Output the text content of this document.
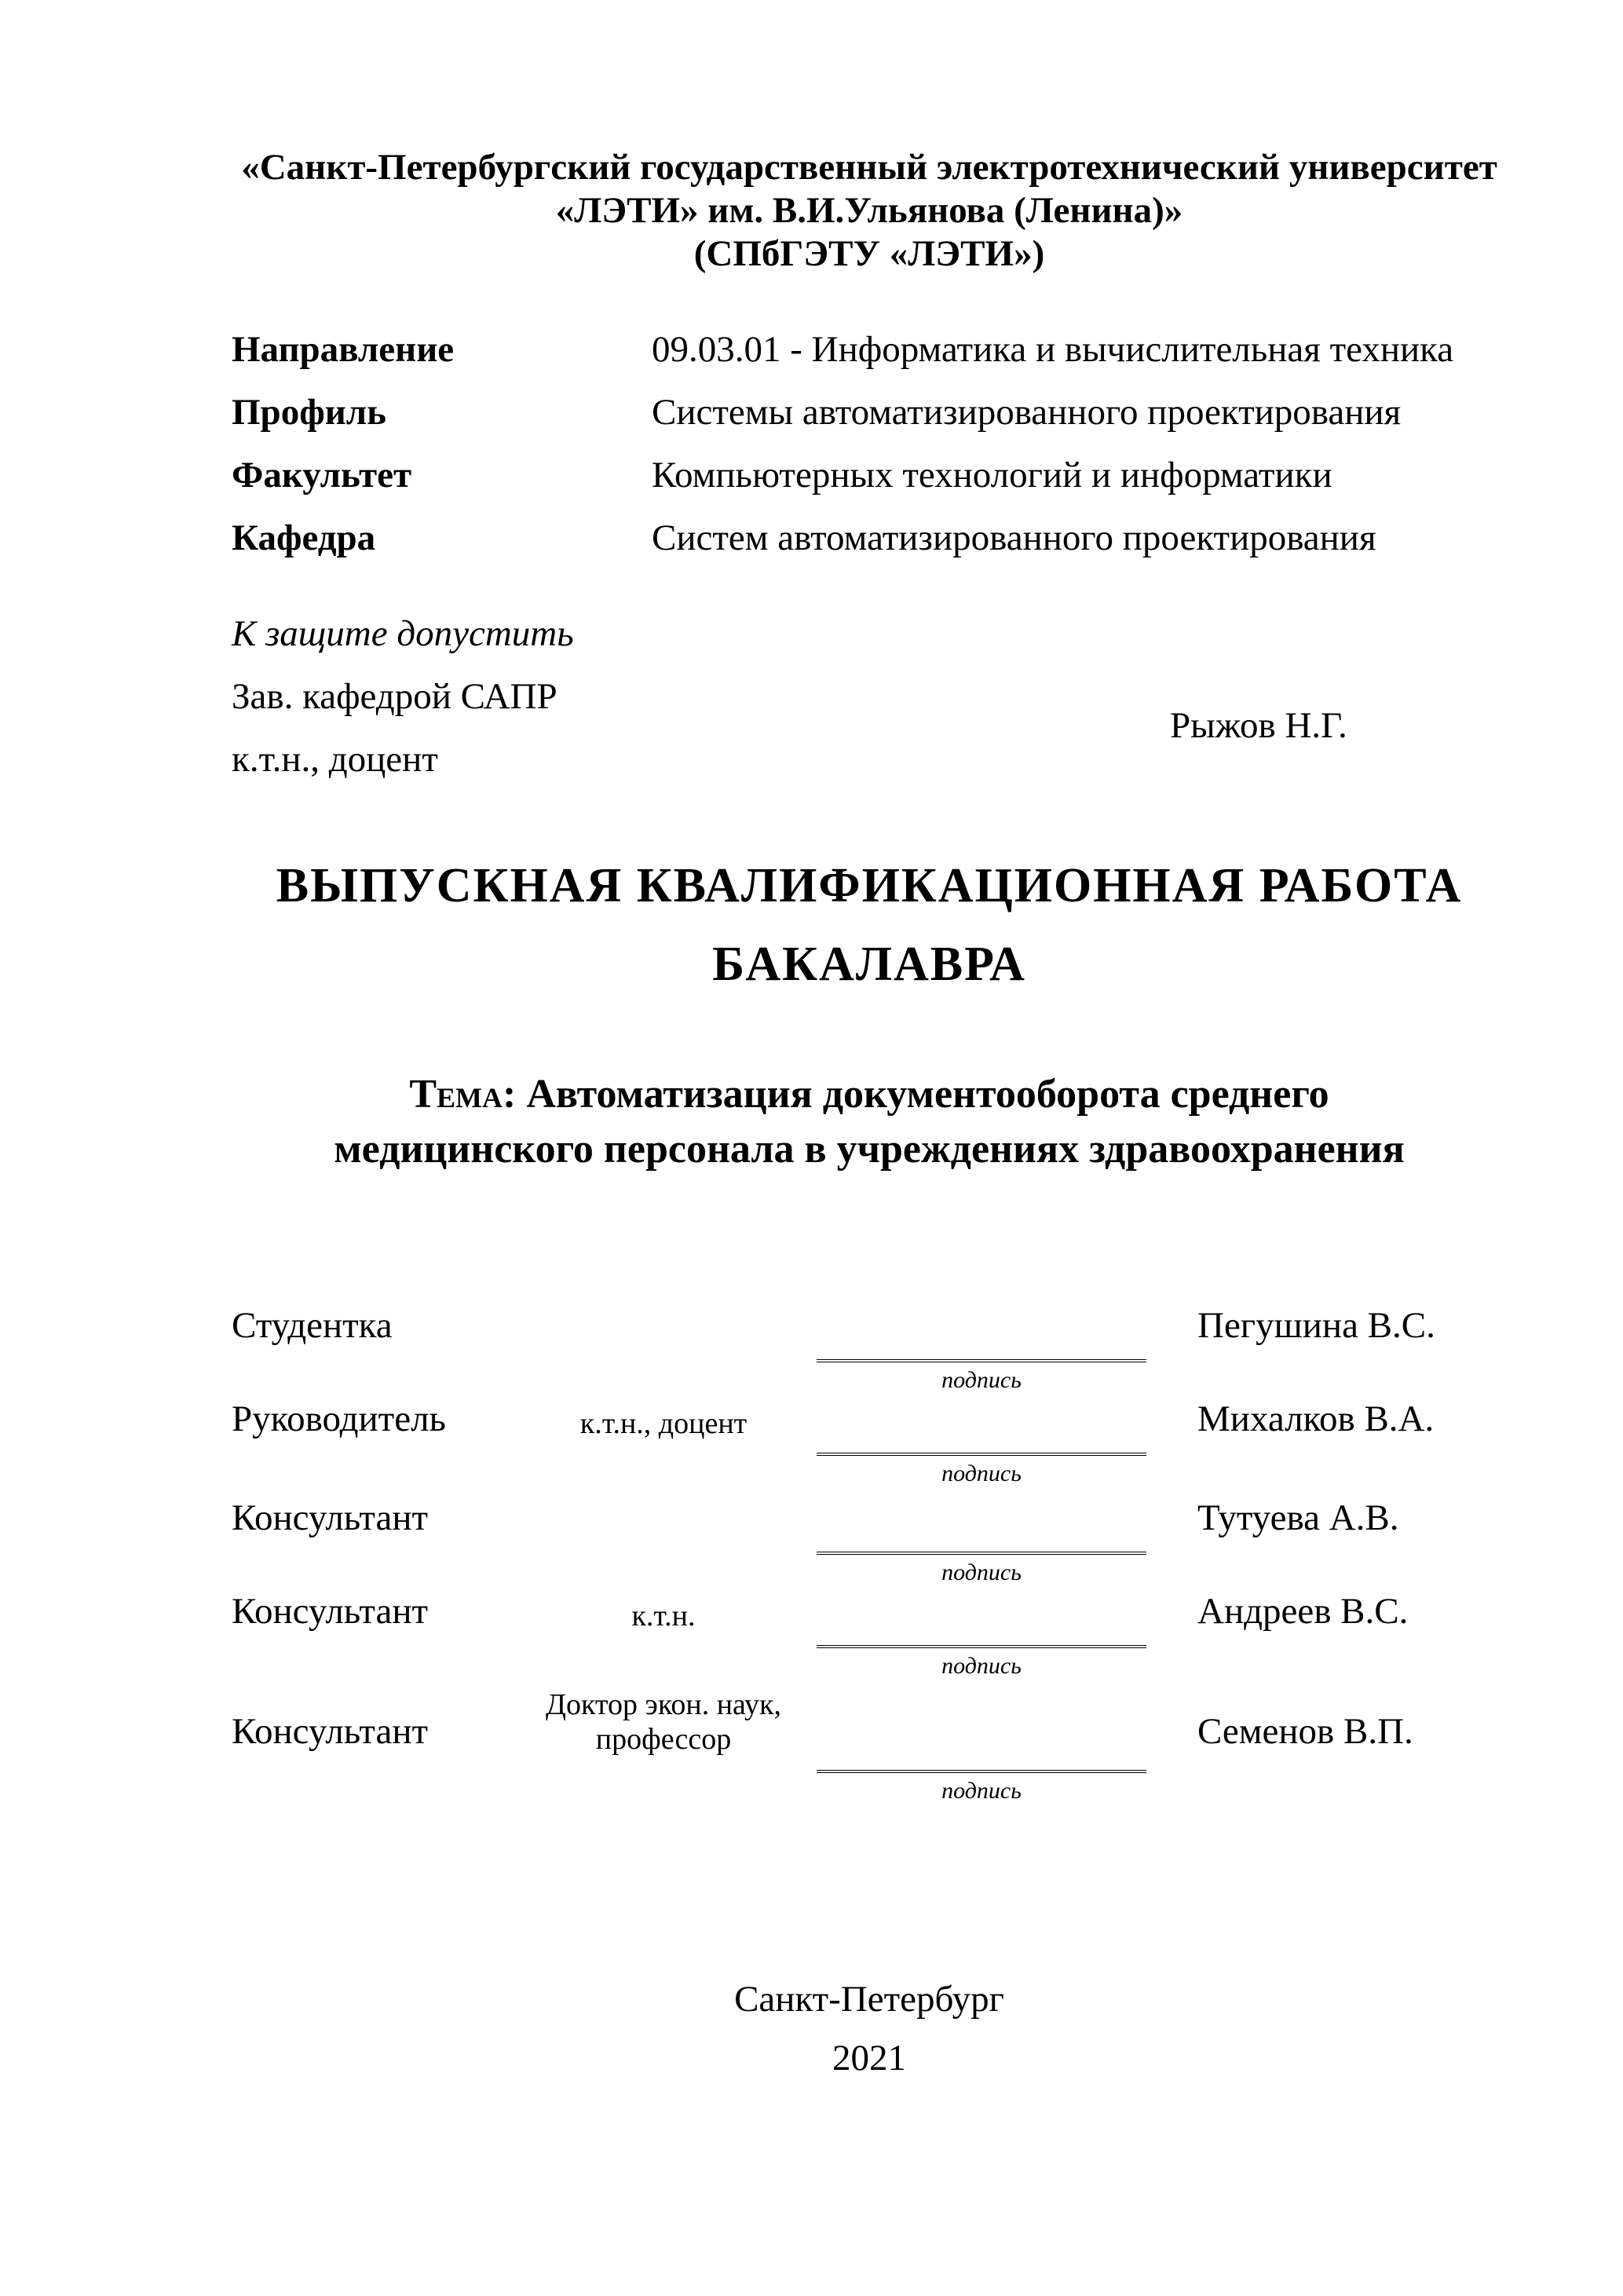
«Санкт-Петербургский государственный электротехнический университет
«ЛЭТИ» им. В.И.Ульянова (Ленина)»
(СПбГЭТУ «ЛЭТИ»)
Направление	09.03.01 - Информатика и вычислительная техника
Профиль	Системы автоматизированного проектирования
Факультет	Компьютерных технологий и информатики
Кафедра	Систем автоматизированного проектирования
К защите допустить
Зав. кафедрой САПР
к.т.н., доцент
Рыжов Н.Г.
ВЫПУСКНАЯ КВАЛИФИКАЦИОННАЯ РАБОТА
БАКАЛАВРА
Тема: Автоматизация документооборота среднего
медицинского персонала в учреждениях здравоохранения
Студентка
подпись
Пегушина В.С.
Руководитель	к.т.н., доцент
подпись
Михалков В.А.
Консультант
подпись
Тутуева А.В.
Консультант	к.т.н.
подпись
Андреев В.С.
Консультант
Доктор экон. наук, профессор
подпись
Семенов В.П.
Санкт-Петербург
2021
